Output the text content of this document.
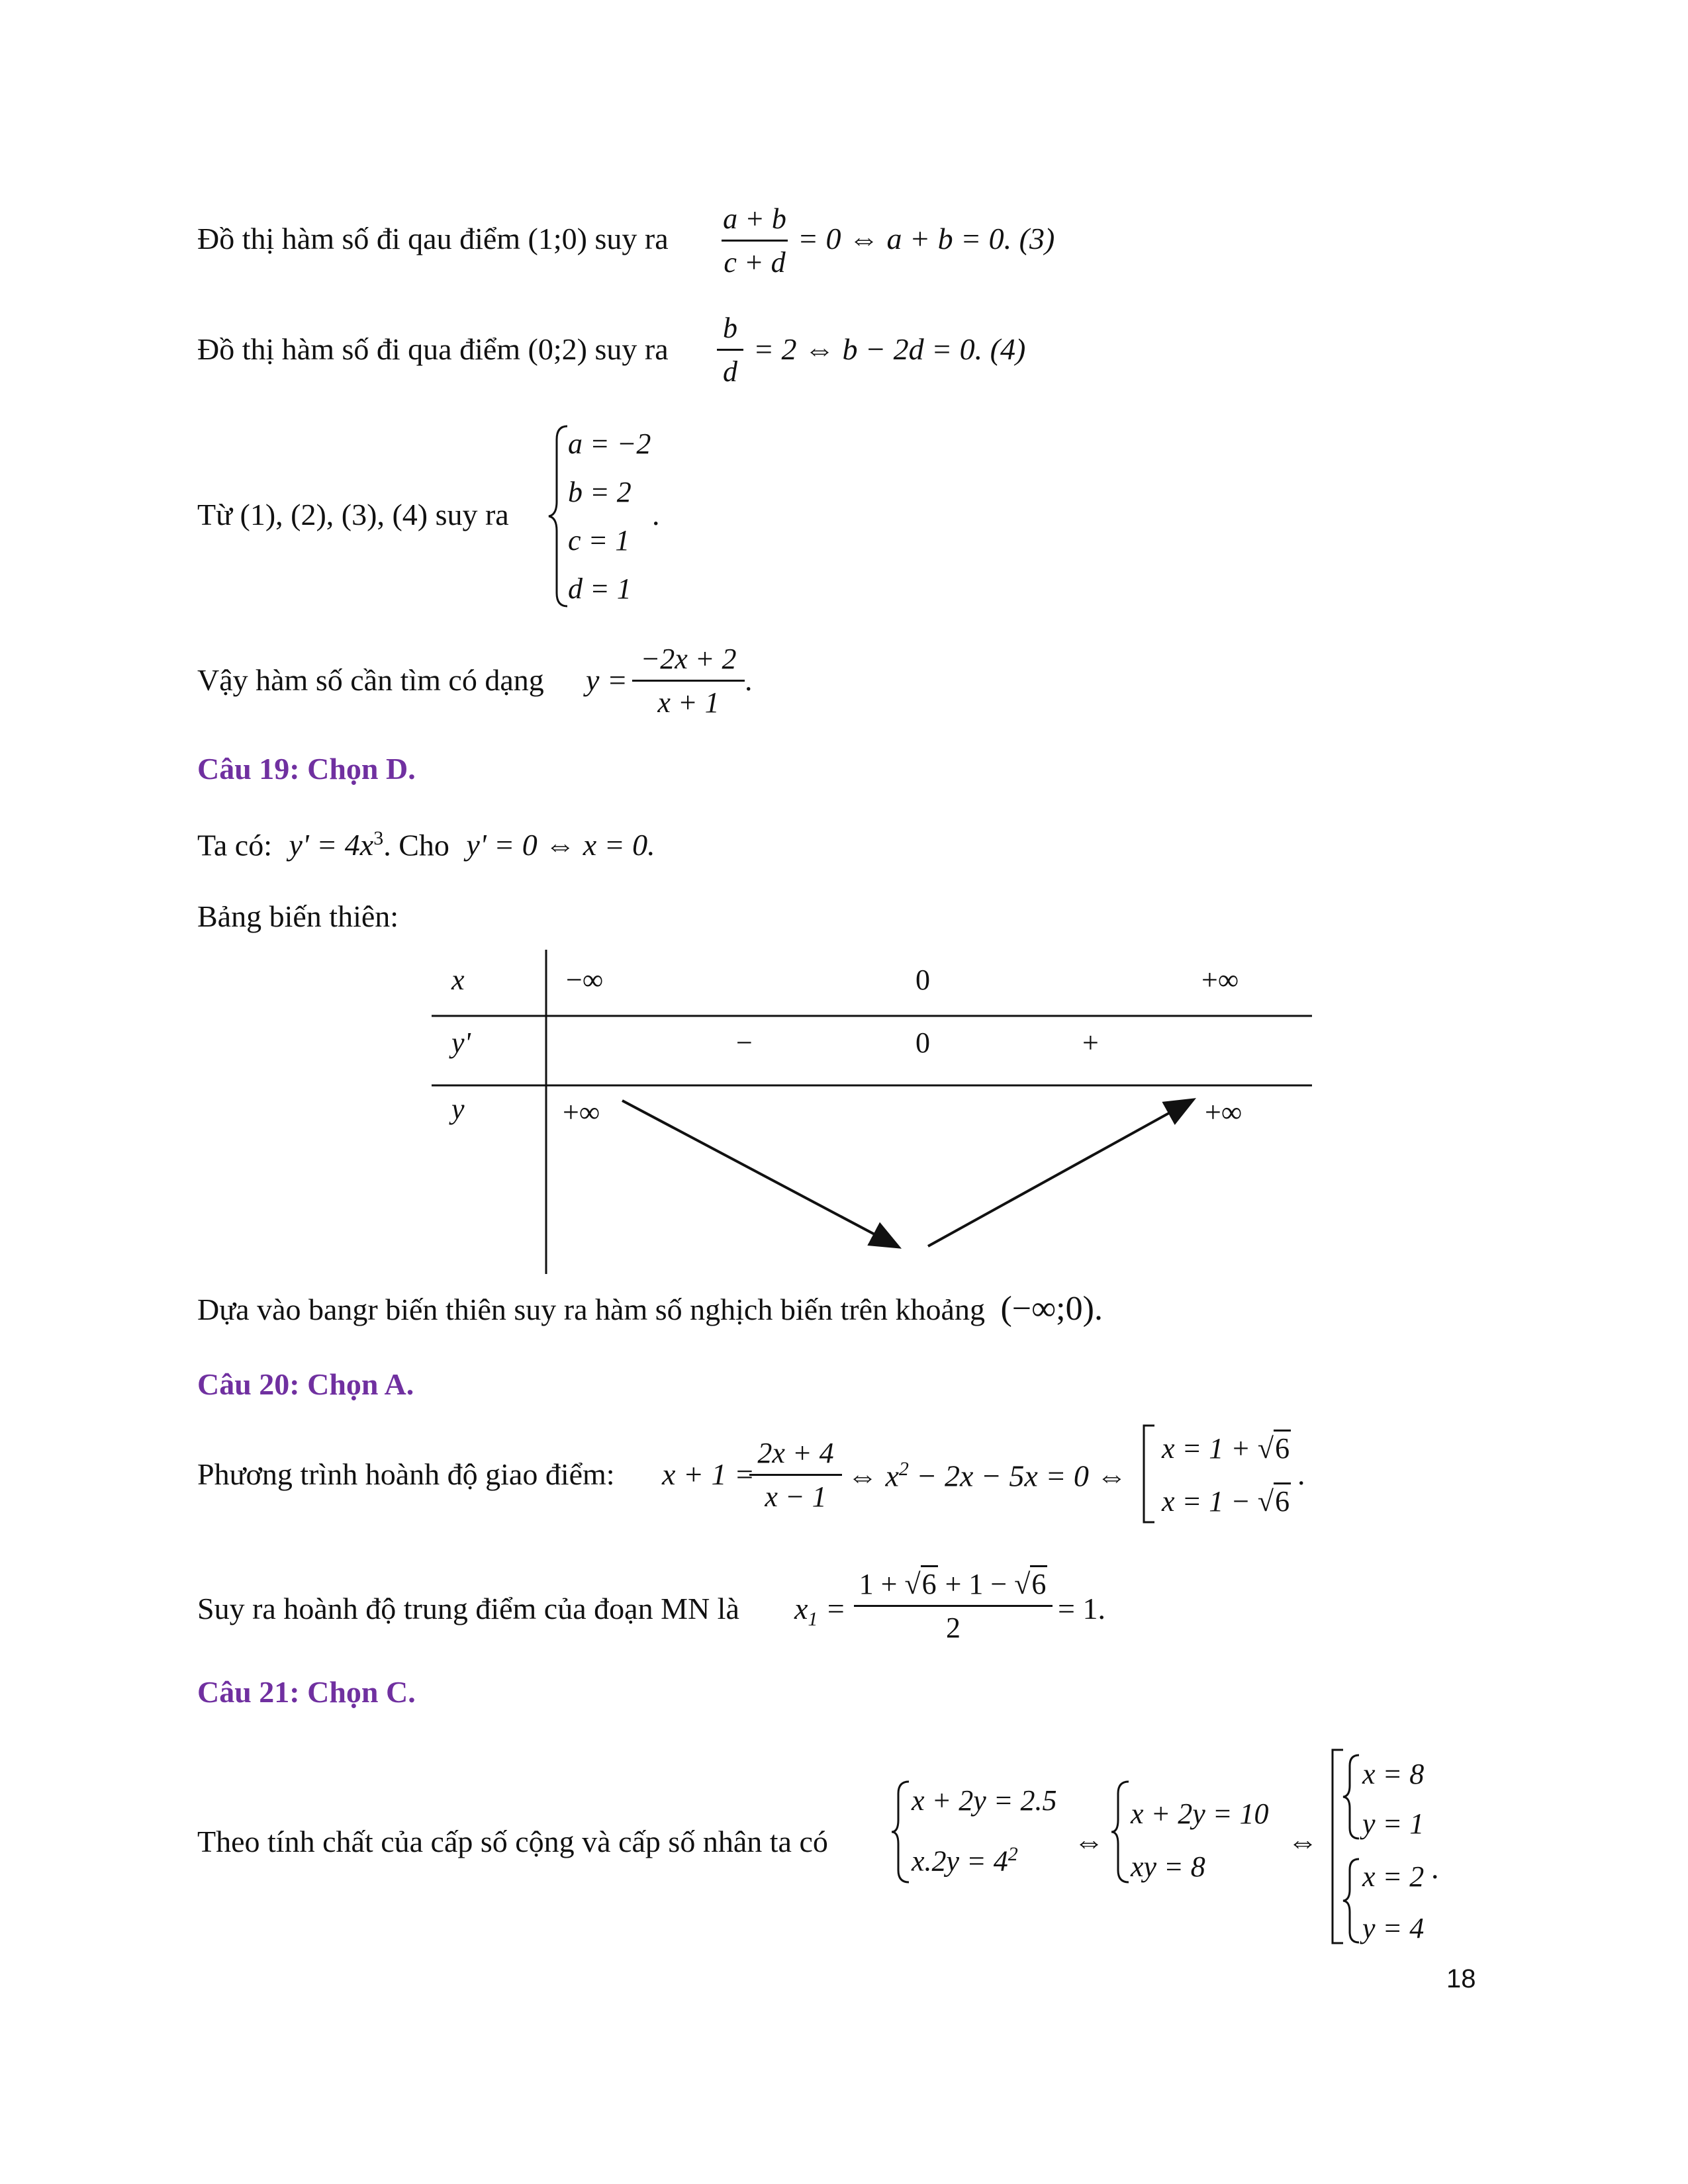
Đồ thị hàm số đi qau điểm (1;0) suy ra
a + b
c + d
= 0 ⇔ a + b = 0. (3)
Đồ thị hàm số đi qua điểm (0;2) suy ra
b
d
= 2 ⇔ b − 2d = 0. (4)
Từ (1), (2), (3), (4) suy ra
a = −2
b = 2
c = 1
d = 1
.
Vậy hàm số cần tìm có dạng y =
−2x + 2
x + 1
.
Câu 19: Chọn D.
Ta có: $y' = 4x^3$. Cho y' = 0 ⇔ x = 0.
Bảng biến thiên:
x	−∞	0	+∞
y'	−	0	+
y	+∞	+∞
Dựa vào bangr biến thiên suy ra hàm số nghịch biến trên khoảng (−∞;0).
Câu 20: Chọn A.
Phương trình hoành độ giao điểm: x + 1 =
2x + 4
x − 1
⇔ $x^2 - 2x - 5x = 0$ ⇔
x = 1 + √6
x = 1 − √6
.
Suy ra hoành độ trung điểm của đoạn MN là $x_1$ =
1 + √6 + 1 − √6
2
= 1.
Câu 21: Chọn C.
Theo tính chất của cấp số cộng và cấp số nhân ta có
x + 2y = 2.5
$x.2y = 4^2$ ⇔
x + 2y = 10
xy = 8
⇔
x = 8
y = 1
x = 2
y = 4
.
18
